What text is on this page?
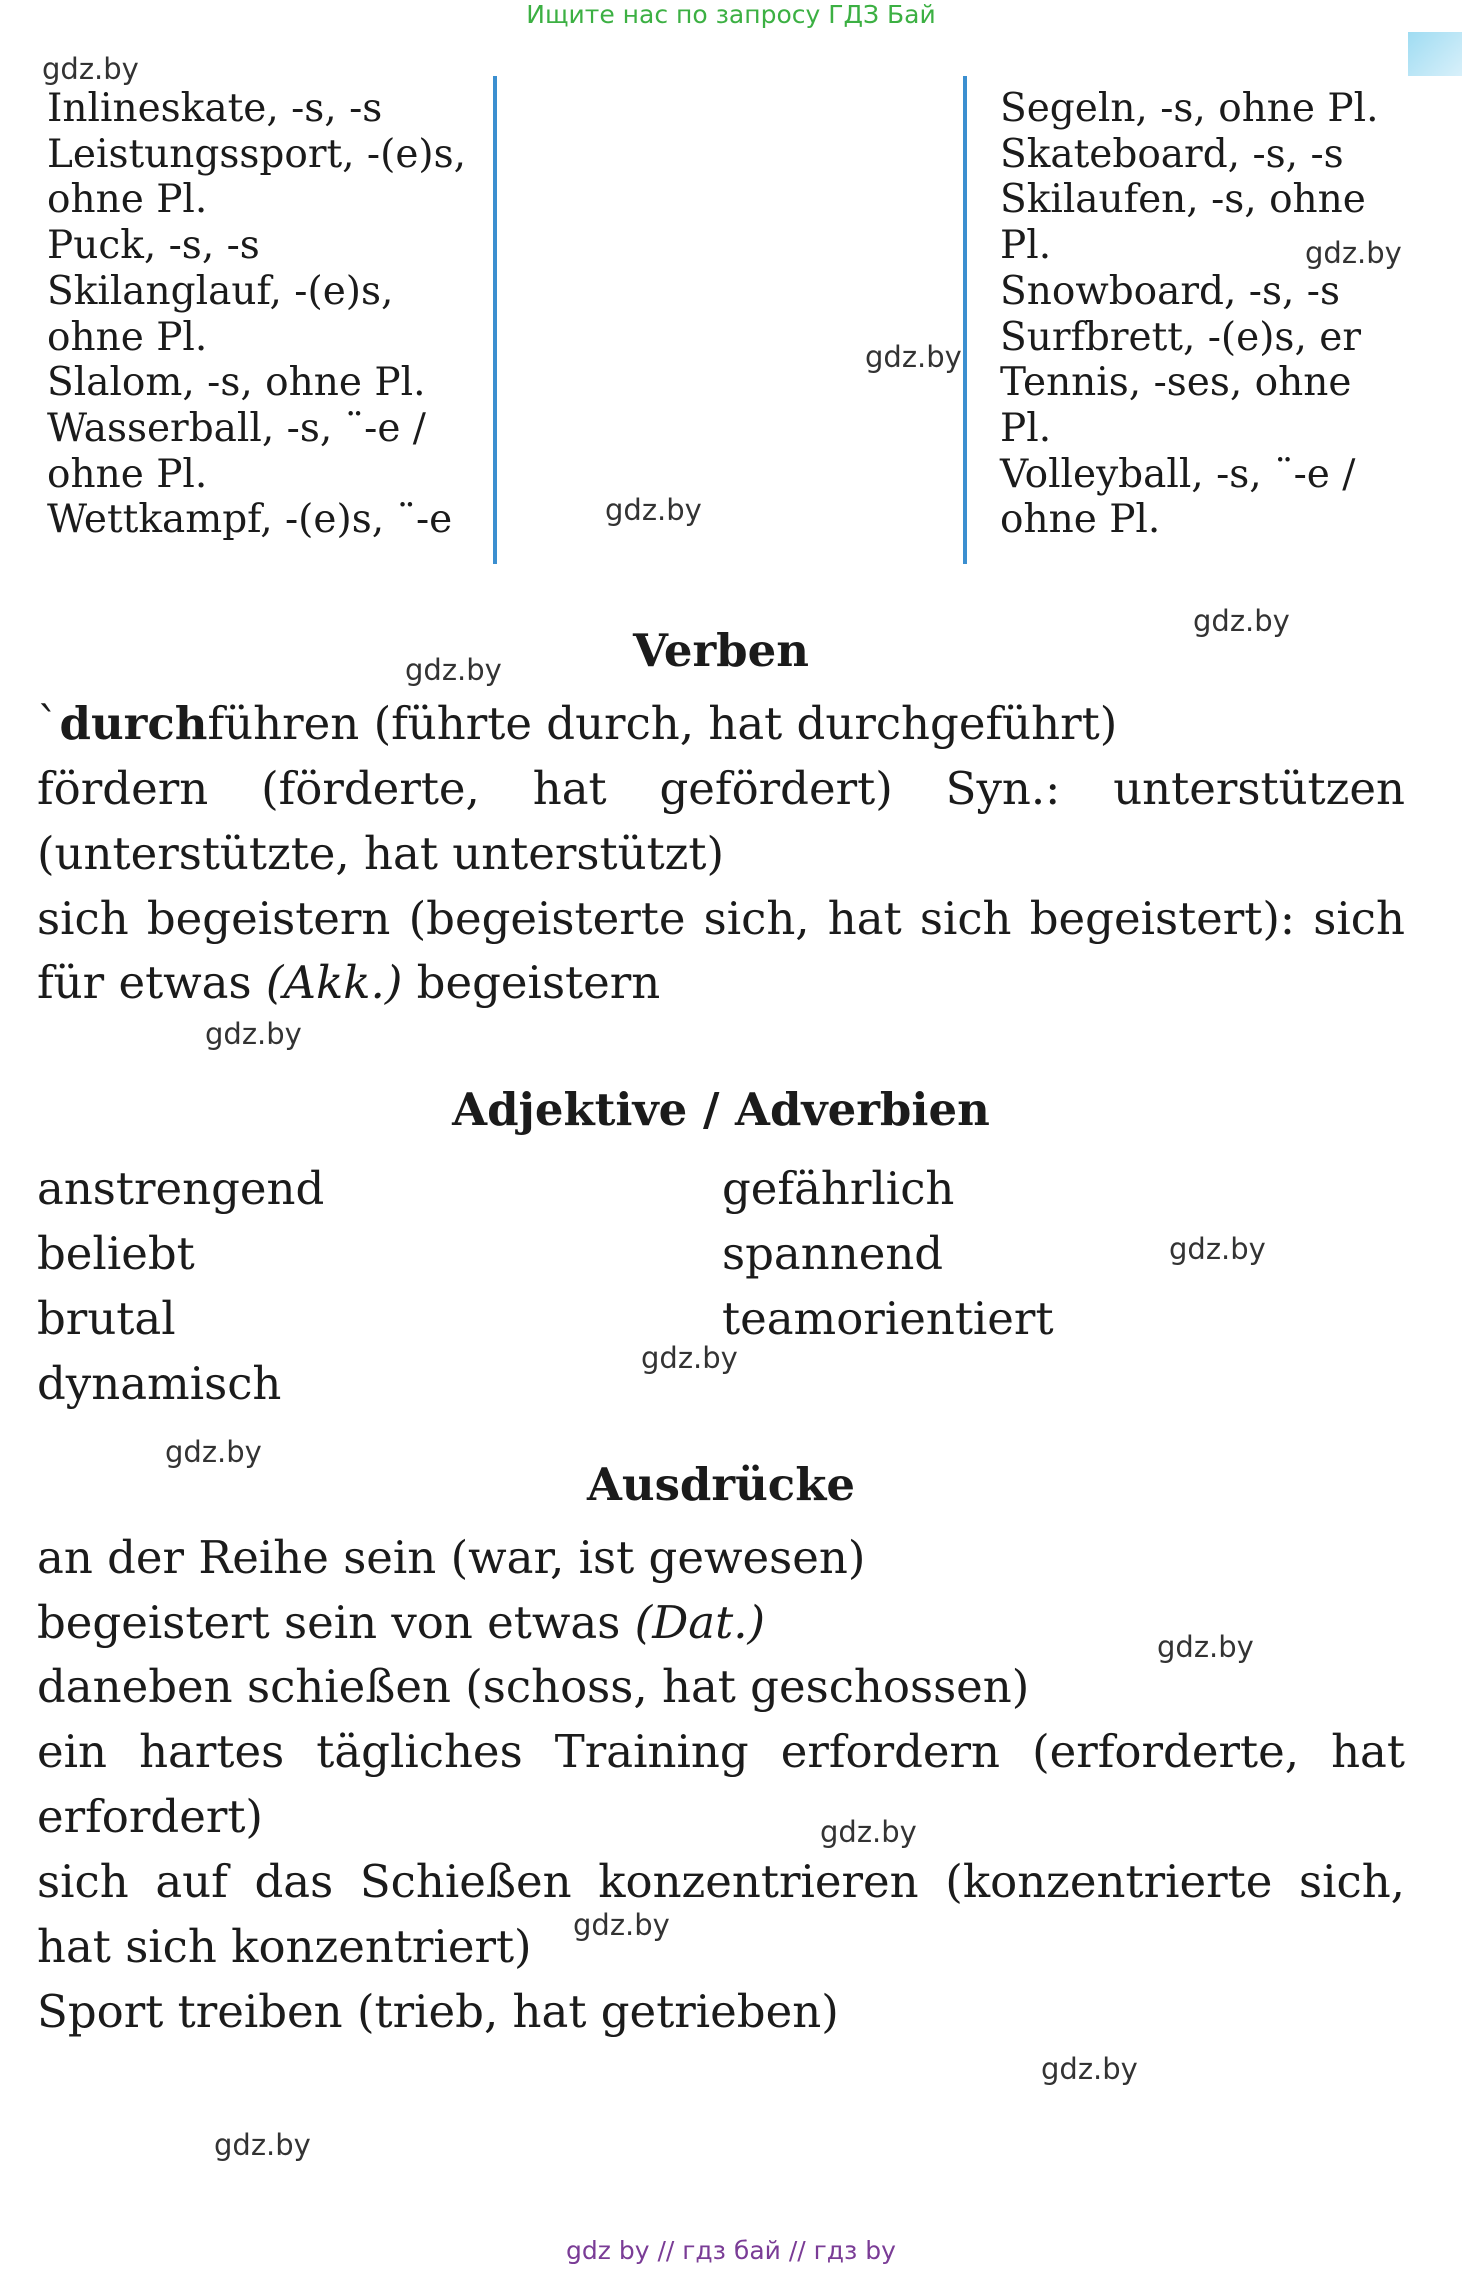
Ищите нас по запросу ГДЗ Бай
Inlineskate, -s, -s
Leistungssport, -(e)s,
ohne Pl.
Puck, -s, -s
Skilanglauf, -(e)s,
ohne Pl.
Slalom, -s, ohne Pl.
Wasserball, -s, ¨-e /
ohne Pl.
Wettkampf, -(e)s, ¨-e
Segeln, -s, ohne Pl.
Skateboard, -s, -s
Skilaufen, -s, ohne
Pl.
Snowboard, -s, -s
Surfbrett, -(e)s, er
Tennis, -ses, ohne
Pl.
Volleyball, -s, ¨-e /
ohne Pl.
Verben
`durchführen (führte durch, hat durchgeführt)
fördern (förderte, hat gefördert) Syn.: unterstützen
(unterstützte, hat unterstützt)
sich begeistern (begeisterte sich, hat sich begeistert): sich
für etwas (Akk.) begeistern
Adjektive / Adverbien
anstrengend
beliebt
brutal
dynamisch
gefährlich
spannend
teamorientiert
Ausdrücke
an der Reihe sein (war, ist gewesen)
begeistert sein von etwas (Dat.)
daneben schießen (schoss, hat geschossen)
ein hartes tägliches Training erfordern (erforderte, hat
erfordert)
sich auf das Schießen konzentrieren (konzentrierte sich,
hat sich konzentriert)
Sport treiben (trieb, hat getrieben)
gdz.by
gdz.by
gdz.by
gdz.by
gdz.by
gdz.by
gdz.by
gdz.by
gdz.by
gdz.by
gdz.by
gdz.by
gdz.by
gdz.by
gdz.by
gdz by // гдз бай // гдз by
